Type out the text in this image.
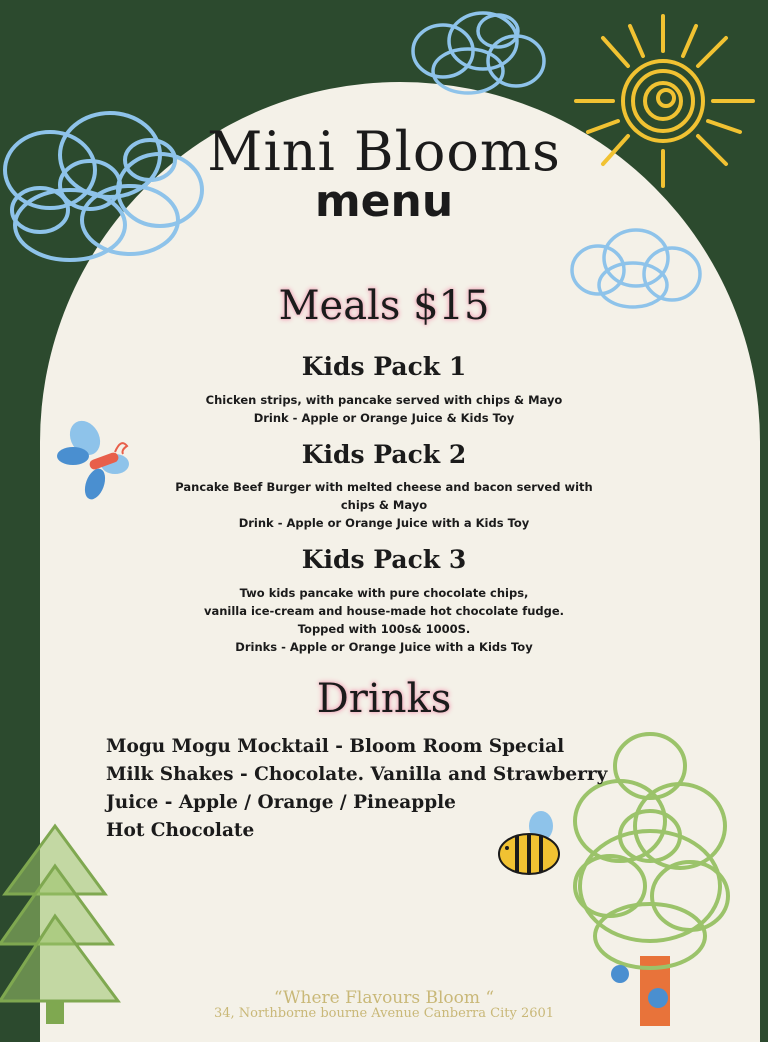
Mini Blooms
menu
Meals $15
Kids Pack 1
Chicken strips, with pancake served with chips & Mayo
Drink - Apple or Orange Juice & Kids Toy
Kids Pack 2
Pancake Beef Burger with melted cheese and bacon served with
chips & Mayo
Drink - Apple or Orange Juice with a Kids Toy
Kids Pack 3
Two kids pancake with pure chocolate chips,
vanilla ice-cream and house-made hot chocolate fudge.
Topped with 100s& 1000S.
Drinks - Apple or Orange Juice with a Kids Toy
Drinks
Mogu Mogu Mocktail - Bloom Room Special
Milk Shakes - Chocolate. Vanilla and Strawberry
Juice - Apple / Orange / Pineapple
Hot Chocolate
“Where Flavours Bloom “
34, Northborne bourne Avenue Canberra City 2601
